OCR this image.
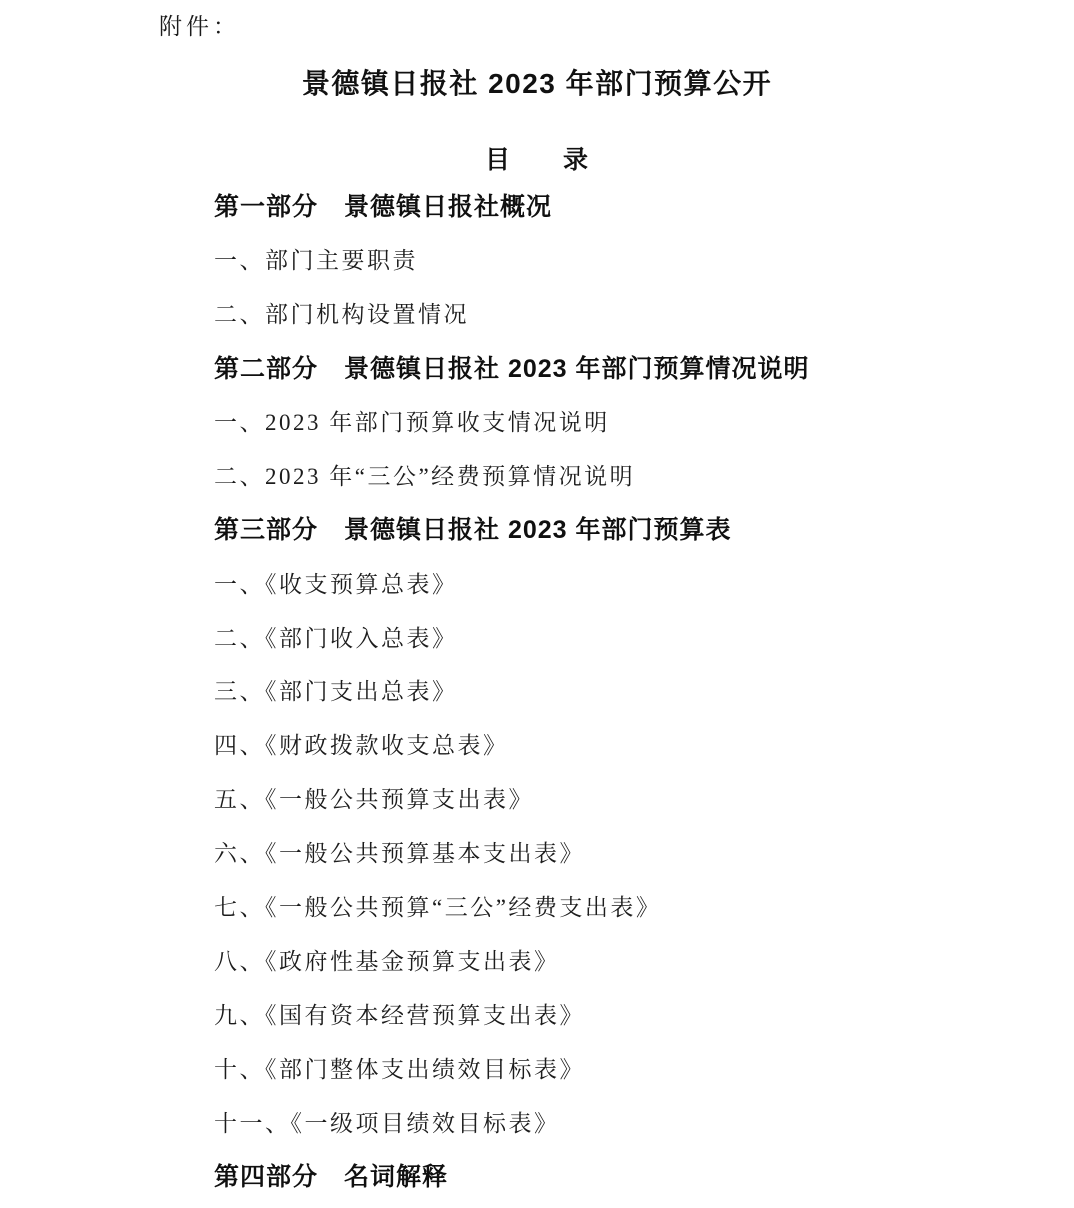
附件：
景德镇日报社 2023 年部门预算公开
目　　录
第一部分　景德镇日报社概况
一、部门主要职责
二、部门机构设置情况
第二部分　景德镇日报社 2023 年部门预算情况说明
一、2023 年部门预算收支情况说明
二、2023 年“三公”经费预算情况说明
第三部分　景德镇日报社 2023 年部门预算表
一、《收支预算总表》
二、《部门收入总表》
三、《部门支出总表》
四、《财政拨款收支总表》
五、《一般公共预算支出表》
六、《一般公共预算基本支出表》
七、《一般公共预算“三公”经费支出表》
八、《政府性基金预算支出表》
九、《国有资本经营预算支出表》
十、《部门整体支出绩效目标表》
十一、《一级项目绩效目标表》
第四部分　名词解释
